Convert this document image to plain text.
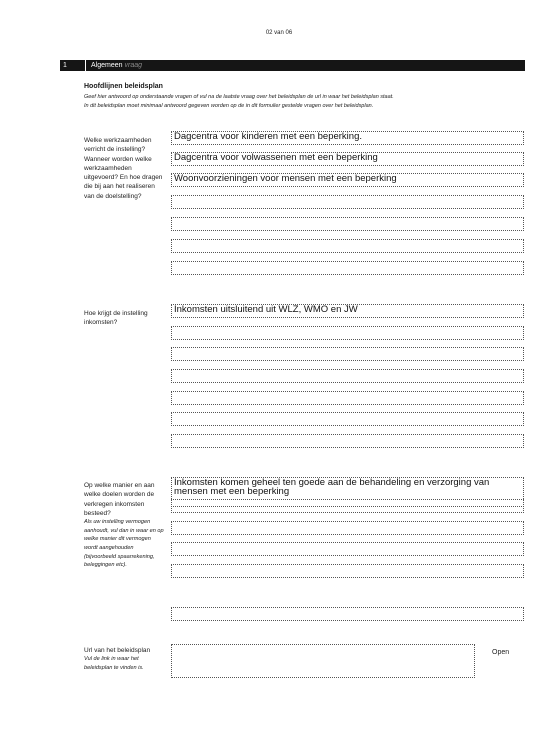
02 van 06
1	Algemeen vraag
Hoofdlijnen beleidsplan
Geef hier antwoord op onderstaande vragen of vul na de laatste vraag over het beleidsplan de url in waar het beleidsplan staat.
In dit beleidsplan moet minimaal antwoord gegeven worden op de in dit formulier gestelde vragen over het beleidsplan.
Welke werkzaamheden verricht de instelling? Wanneer worden welke werkzaamheden uitgevoerd? En hoe dragen die bij aan het realiseren van de doelstelling?
Dagcentra voor kinderen met een beperking.
Dagcentra voor volwassenen met een beperking
Woonvoorzieningen voor mensen met een beperking
Hoe krijgt de instelling inkomsten?
Inkomsten uitsluitend uit WLZ, WMO en JW
Op welke manier en aan welke doelen worden de verkregen inkomsten besteed?
Als uw instelling vermogen aanhoudt, vul dan in waar en op welke manier dit vermogen wordt aangehouden (bijvoorbeeld spaarrekening, beleggingen etc).
Inkomsten komen geheel ten goede aan de behandeling en verzorging van mensen met een beperking
Url van het beleidsplan
Vul de link in waar het beleidsplan te vinden is.
Open
